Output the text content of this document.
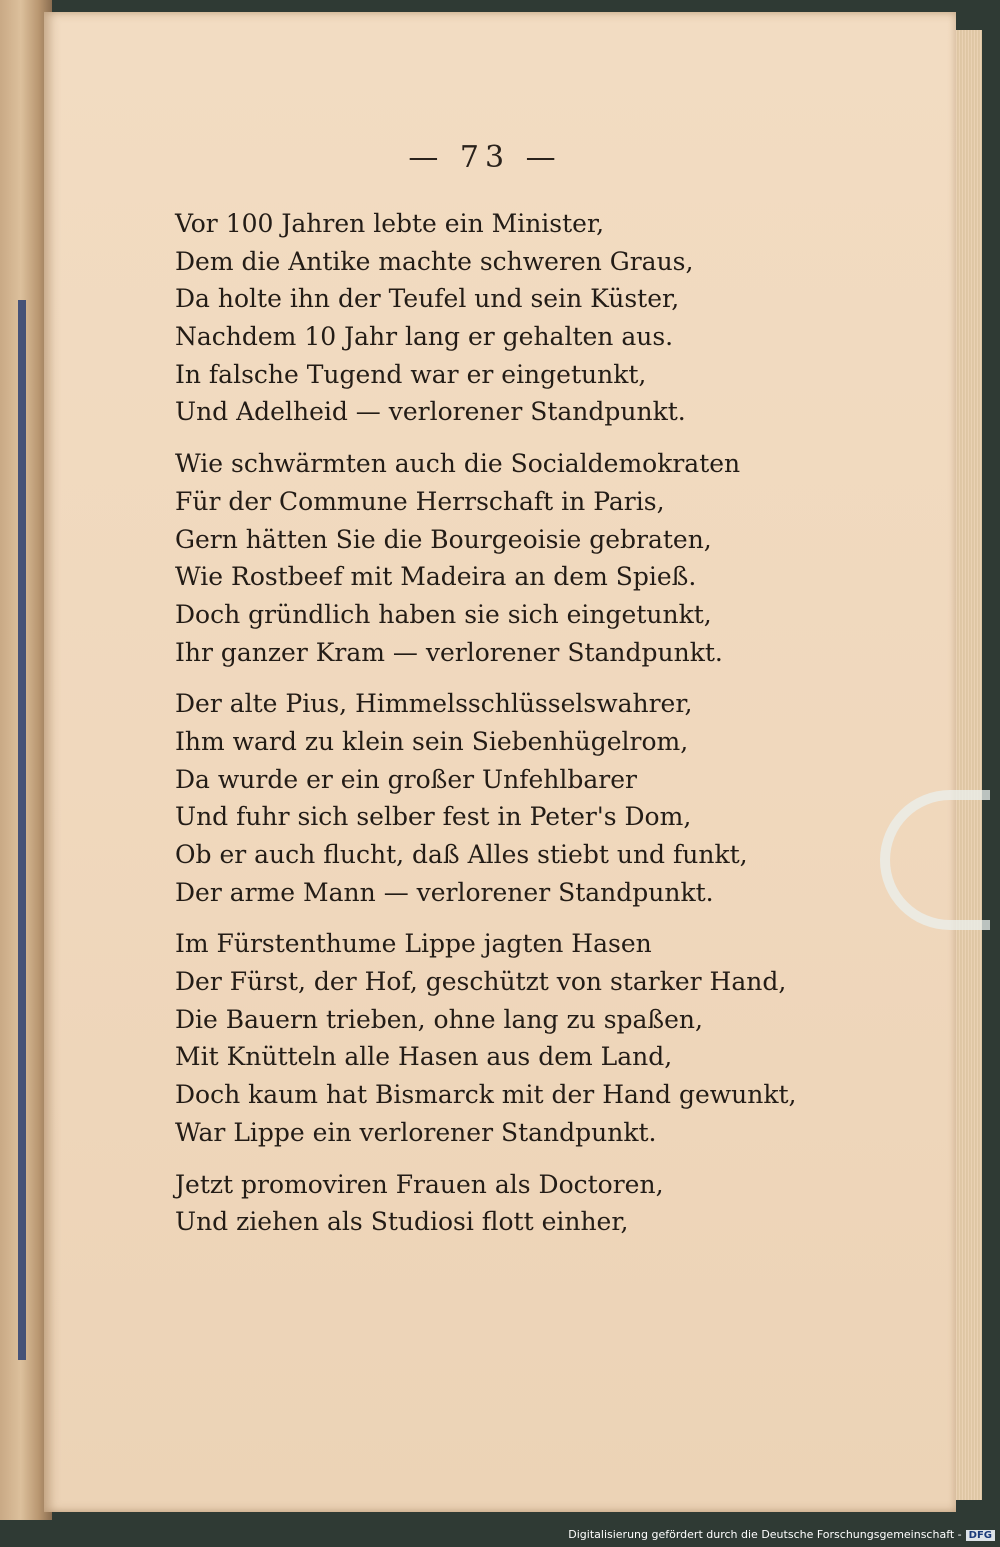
— 73 —
Vor 100 Jahren lebte ein Minister,
Dem die Antike machte schweren Graus,
Da holte ihn der Teufel und sein Küster,
Nachdem 10 Jahr lang er gehalten aus.
In falsche Tugend war er eingetunkt,
Und Adelheid — verlorener Standpunkt.
Wie schwärmten auch die Socialdemokraten
Für der Commune Herrschaft in Paris,
Gern hätten Sie die Bourgeoisie gebraten,
Wie Rostbeef mit Madeira an dem Spieß.
Doch gründlich haben sie sich eingetunkt,
Ihr ganzer Kram — verlorener Standpunkt.
Der alte Pius, Himmelsschlüsselswahrer,
Ihm ward zu klein sein Siebenhügelrom,
Da wurde er ein großer Unfehlbarer
Und fuhr sich selber fest in Peter's Dom,
Ob er auch flucht, daß Alles stiebt und funkt,
Der arme Mann — verlorener Standpunkt.
Im Fürstenthume Lippe jagten Hasen
Der Fürst, der Hof, geschützt von starker Hand,
Die Bauern trieben, ohne lang zu spaßen,
Mit Knütteln alle Hasen aus dem Land,
Doch kaum hat Bismarck mit der Hand gewunkt,
War Lippe ein verlorener Standpunkt.
Jetzt promoviren Frauen als Doctoren,
Und ziehen als Studiosi flott einher,
Digitalisierung gefördert durch die Deutsche Forschungsgemeinschaft - DFG
